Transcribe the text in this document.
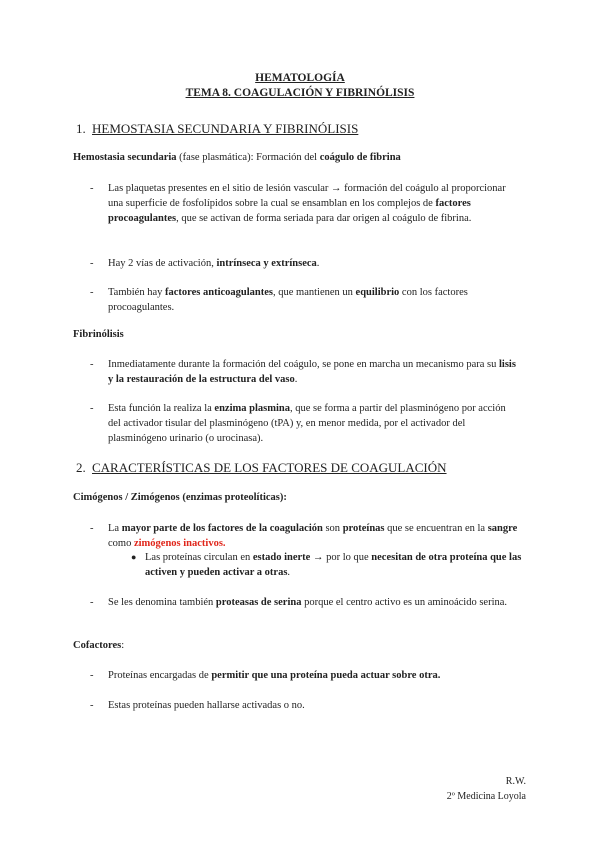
HEMATOLOGÍA
TEMA 8. COAGULACIÓN Y FIBRINÓLISIS
1. HEMOSTASIA SECUNDARIA Y FIBRINÓLISIS
Hemostasia secundaria (fase plasmática): Formación del coágulo de fibrina
- Las plaquetas presentes en el sitio de lesión vascular → formación del coágulo al proporcionar una superficie de fosfolípidos sobre la cual se ensamblan en los complejos de factores procoagulantes, que se activan de forma seriada para dar origen al coágulo de fibrina.
- Hay 2 vías de activación, intrínseca y extrínseca.
- También hay factores anticoagulantes, que mantienen un equilibrio con los factores procoagulantes.
Fibrinólisis
- Inmediatamente durante la formación del coágulo, se pone en marcha un mecanismo para su lisis y la restauración de la estructura del vaso.
- Esta función la realiza la enzima plasmina, que se forma a partir del plasminógeno por acción del activador tisular del plasminógeno (tPA) y, en menor medida, por el activador del plasminógeno urinario (o urocinasa).
2. CARACTERÍSTICAS DE LOS FACTORES DE COAGULACIÓN
Cimógenos / Zimógenos (enzimas proteolíticas):
- La mayor parte de los factores de la coagulación son proteínas que se encuentran en la sangre como zimógenos inactivos.
● Las proteínas circulan en estado inerte → por lo que necesitan de otra proteína que las activen y pueden activar a otras.
- Se les denomina también proteasas de serina porque el centro activo es un aminoácido serina.
Cofactores:
- Proteínas encargadas de permitir que una proteína pueda actuar sobre otra.
- Estas proteínas pueden hallarse activadas o no.
R.W.
2º Medicina Loyola
